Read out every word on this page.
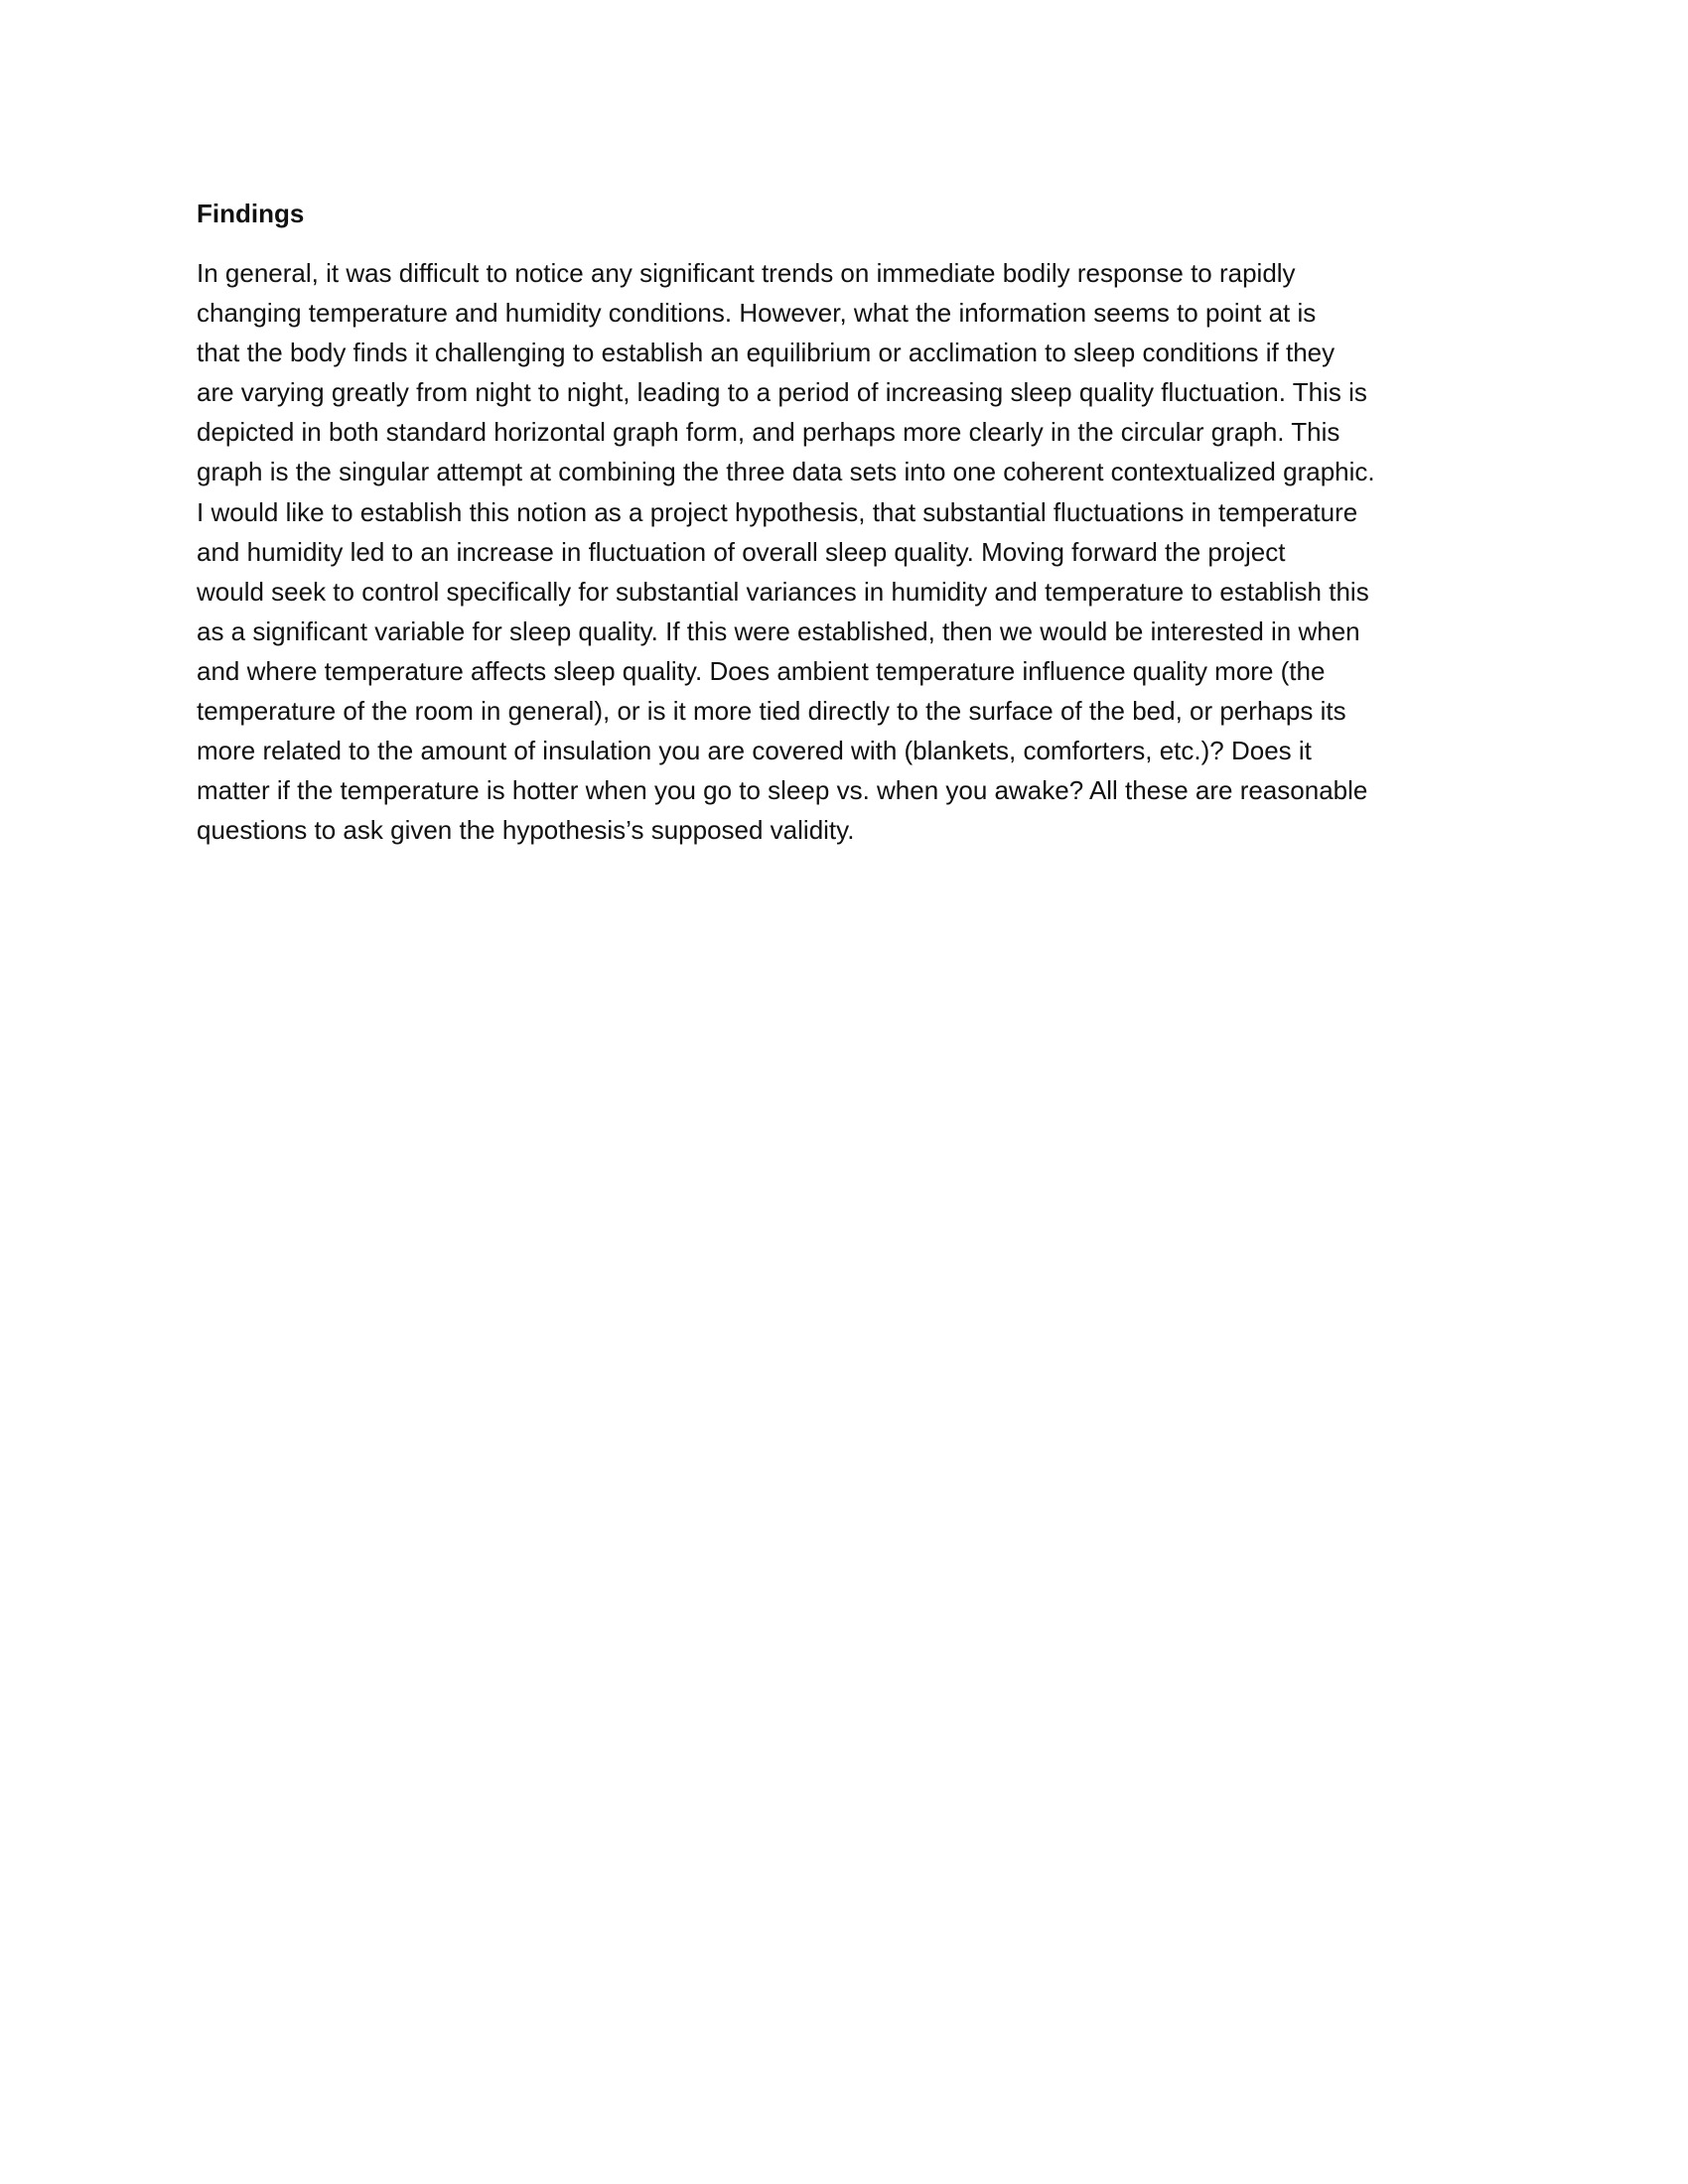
Findings

In general, it was difficult to notice any significant trends on immediate bodily response to rapidly
changing temperature and humidity conditions. However, what the information seems to point at is
that the body finds it challenging to establish an equilibrium or acclimation to sleep conditions if they
are varying greatly from night to night, leading to a period of increasing sleep quality fluctuation. This is
depicted in both standard horizontal graph form, and perhaps more clearly in the circular graph. This
graph is the singular attempt at combining the three data sets into one coherent contextualized graphic.
I would like to establish this notion as a project hypothesis, that substantial fluctuations in temperature
and humidity led to an increase in fluctuation of overall sleep quality. Moving forward the project
would seek to control specifically for substantial variances in humidity and temperature to establish this
as a significant variable for sleep quality. If this were established, then we would be interested in when
and where temperature affects sleep quality. Does ambient temperature influence quality more (the
temperature of the room in general), or is it more tied directly to the surface of the bed, or perhaps its
more related to the amount of insulation you are covered with (blankets, comforters, etc.)? Does it
matter if the temperature is hotter when you go to sleep vs. when you awake? All these are reasonable
questions to ask given the hypothesis’s supposed validity.
